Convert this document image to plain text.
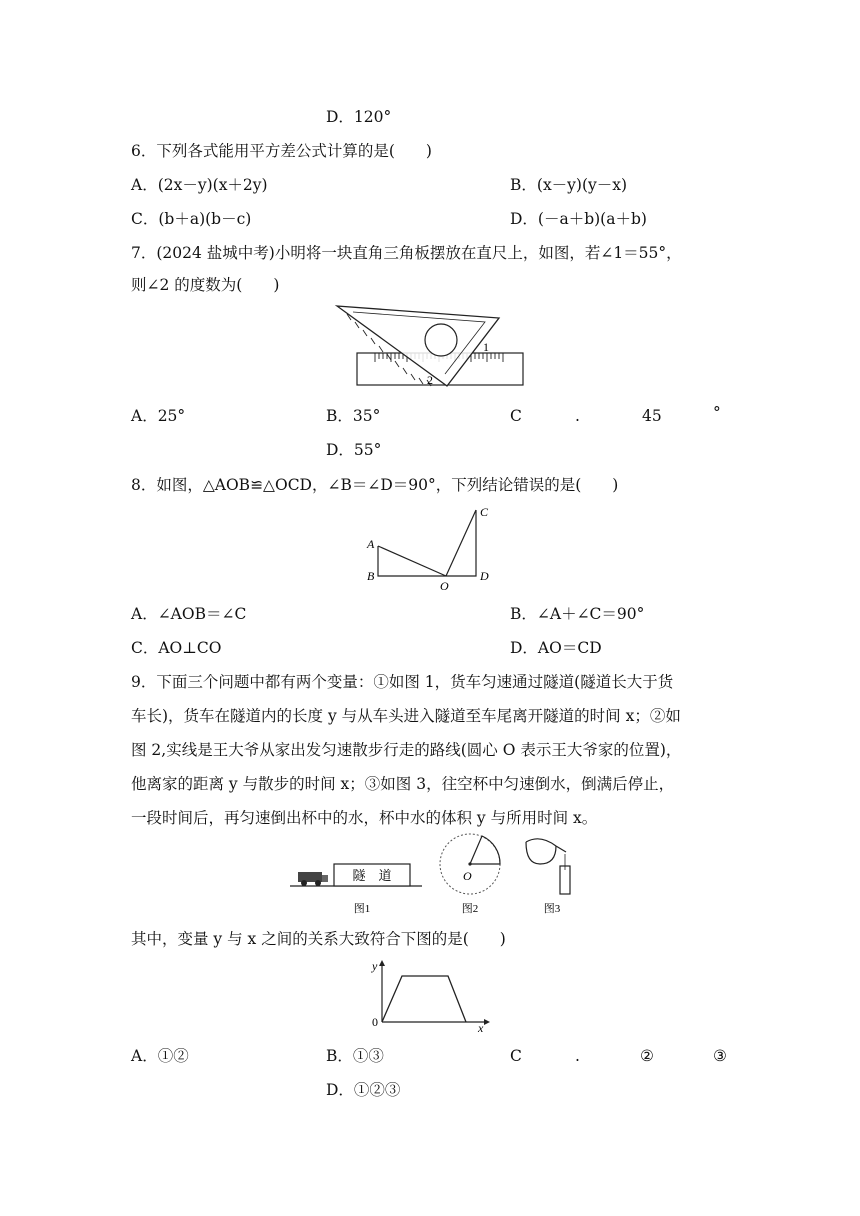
D．120°
6．下列各式能用平方差公式计算的是(　　)
A．(2x－y)(x＋2y)	B．(x－y)(y－x)
C．(b＋a)(b－c)	D．(－a＋b)(a＋b)
7．(2024 盐城中考)小明将一块直角三角板摆放在直尺上，如图，若∠1＝55°，
则∠2 的度数为(　　)
1
2
A．25°	B．35°	C	.	45	°
D．55°
8．如图，△AOB≌△OCD，∠B＝∠D＝90°，下列结论错误的是(　　)
A
B
O
D
C
A．∠AOB＝∠C	B．∠A＋∠C＝90°
C．AO⊥CO	D．AO＝CD
9．下面三个问题中都有两个变量：①如图 1，货车匀速通过隧道(隧道长大于货
车长)，货车在隧道内的长度 y 与从车头进入隧道至车尾离开隧道的时间 x；②如
图 2,实线是王大爷从家出发匀速散步行走的路线(圆心 O 表示王大爷家的位置)，
他离家的距离 y 与散步的时间 x；③如图 3，往空杯中匀速倒水，倒满后停止，
一段时间后，再匀速倒出杯中的水，杯中水的体积 y 与所用时间 x。
隧　道
图1
O
图2	图3
其中，变量 y 与 x 之间的关系大致符合下图的是(　　)
y
x
0
A．①②	B．①③	C	.	②	③
D．①②③
